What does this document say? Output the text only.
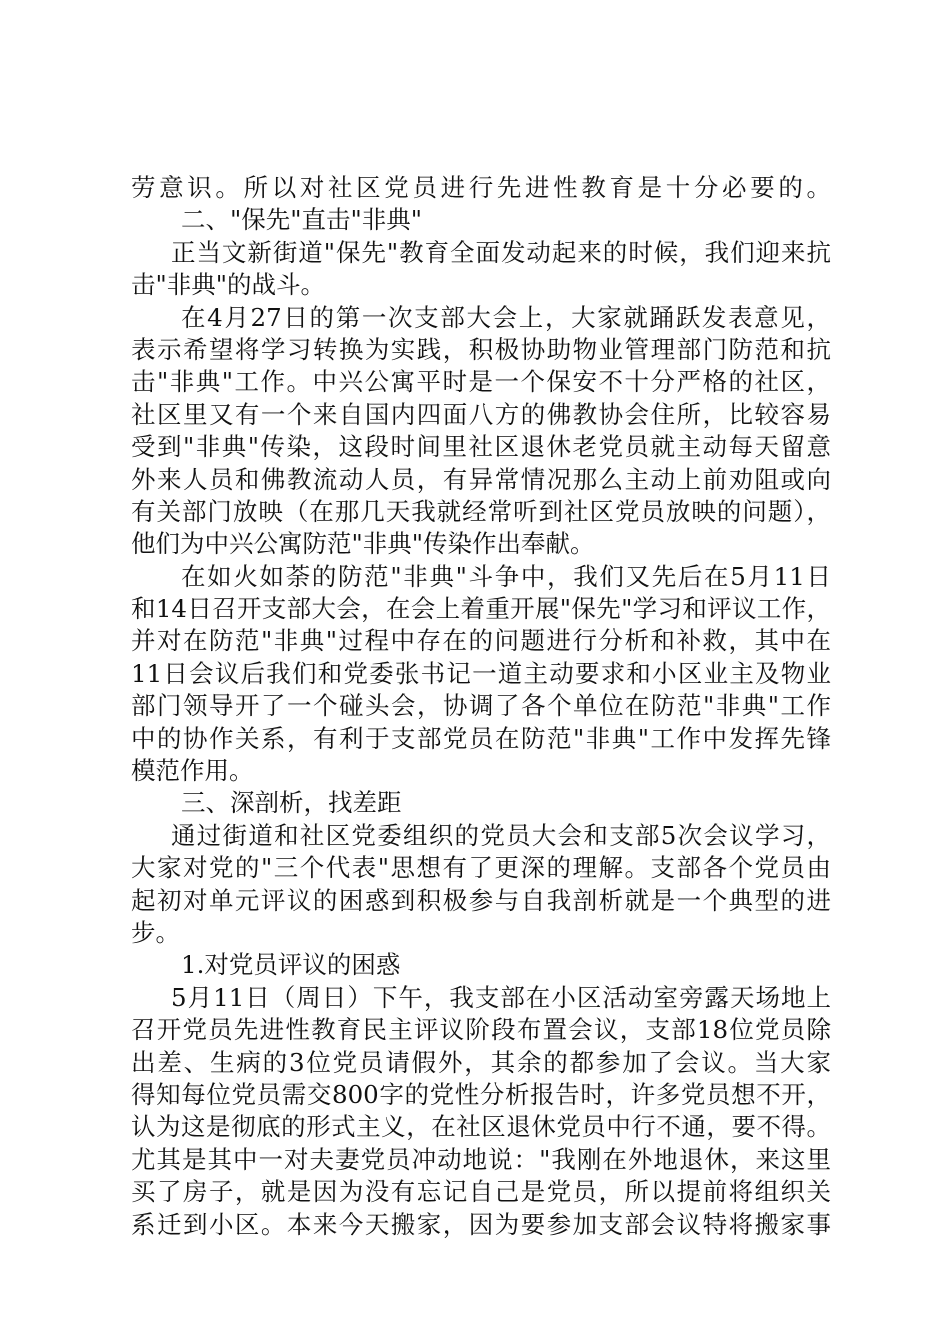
劳意识。所以对社区党员进行先进性教育是十分必要的。
二、"保先"直击"非典"
正当文新街道"保先"教育全面发动起来的时候，我们迎来抗
击"非典"的战斗。
在4月27日的第一次支部大会上，大家就踊跃发表意见，
表示希望将学习转换为实践，积极协助物业管理部门防范和抗
击"非典"工作。中兴公寓平时是一个保安不十分严格的社区，
社区里又有一个来自国内四面八方的佛教协会住所，比较容易
受到"非典"传染，这段时间里社区退休老党员就主动每天留意
外来人员和佛教流动人员，有异常情况那么主动上前劝阻或向
有关部门放映（在那几天我就经常听到社区党员放映的问题），
他们为中兴公寓防范"非典"传染作出奉献。
在如火如荼的防范"非典"斗争中，我们又先后在5月11日
和14日召开支部大会，在会上着重开展"保先"学习和评议工作，
并对在防范"非典"过程中存在的问题进行分析和补救，其中在
11日会议后我们和党委张书记一道主动要求和小区业主及物业
部门领导开了一个碰头会，协调了各个单位在防范"非典"工作
中的协作关系，有利于支部党员在防范"非典"工作中发挥先锋
模范作用。
三、深剖析，找差距
通过街道和社区党委组织的党员大会和支部5次会议学习，
大家对党的"三个代表"思想有了更深的理解。支部各个党员由
起初对单元评议的困惑到积极参与自我剖析就是一个典型的进
步。
1.对党员评议的困惑
5月11日（周日）下午，我支部在小区活动室旁露天场地上
召开党员先进性教育民主评议阶段布置会议，支部18位党员除
出差、生病的3位党员请假外，其余的都参加了会议。当大家
得知每位党员需交800字的党性分析报告时，许多党员想不开，
认为这是彻底的形式主义，在社区退休党员中行不通，要不得。
尤其是其中一对夫妻党员冲动地说："我刚在外地退休，来这里
买了房子，就是因为没有忘记自己是党员，所以提前将组织关
系迁到小区。本来今天搬家，因为要参加支部会议特将搬家事
